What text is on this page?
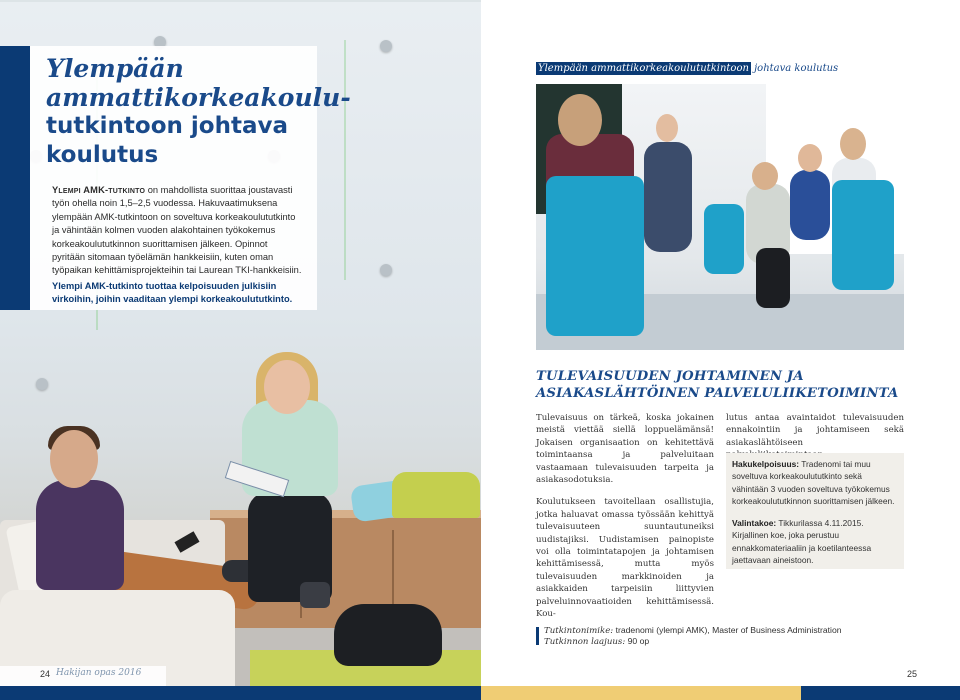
Ylempään
ammattikorkeakoulu-
tutkintoon johtava
koulutus

Ylempi AMK-tutkinto on mahdollista suorittaa joustavasti työn ohella noin 1,5–2,5 vuodessa. Hakuvaatimuksena ylempään AMK-tutkintoon on soveltuva korkeakoulututkinto ja vähintään kolmen vuoden alakohtainen työkokemus korkeakoulututkinnon suorittamisen jälkeen. Opinnot pyritään sitomaan työelämän hankkeisiin, kuten oman työpaikan kehittämisprojekteihin tai Laurean TKI-hankkeisiin.

Ylempi AMK-tutkinto tuottaa kelpoisuuden julkisiin virkoihin, joihin vaaditaan ylempi korkeakoulututkinto.

24 Hakijan opas 2016
Ylempään ammattikorkeakoulututkintoon johtava koulutus
TULEVAISUUDEN JOHTAMINEN JA ASIAKASLÄHTÖINEN PALVELULIIKETOIMINTA

Tulevaisuus on tärkeä, koska jokainen meistä viettää siellä loppuelämänsä! Jokaisen organisaation on kehitettävä toimintaansa ja palveluitaan vastaamaan tulevaisuuden tarpeita ja asiakasodotuksia.

Koulutukseen tavoitellaan osallistujia, jotka haluavat omassa työssään kehittyä tulevaisuuteen suuntautuneiksi uudistajiksi. Uudistamisen painopiste voi olla toimintatapojen ja johtamisen kehittämisessä, mutta myös tulevaisuuden markkinoiden ja asiakkaiden tarpeisiin liittyvien palveluinnovaatioiden kehittämisessä. Kou-

lutus antaa avaintaidot tulevaisuuden ennakointiin ja johtamiseen sekä asiakaslähtöiseen

Hakukelpoisuus: Tradenomi tai muu soveltuva korkeakoulututkinto sekä vähintään 3 vuoden soveltuva työkokemus korkeakoulututkinnon suorittamisen jälkeen.

Valintakoe: Tikkurilassa 4.11.2015. Kirjallinen koe, joka perustuu ennakkomateriaaliin ja koetilanteessa jaettavaan aineistoon.

Tutkintonimike: tradenomi (ylempi AMK), Master of Business Administration
Tutkinnon laajuus: 90 op
25
